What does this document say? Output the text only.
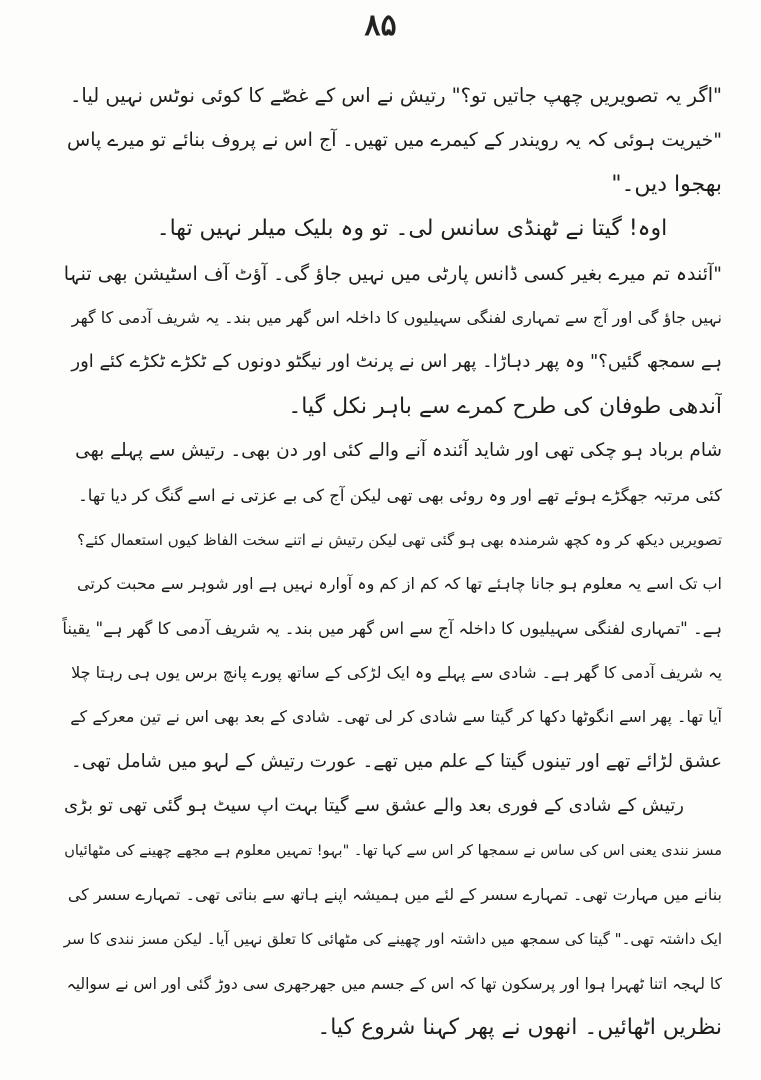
۸۵
"اگر یہ تصویریں چھپ جاتیں تو؟" رتیش نے اس کے غصّے کا کوئی نوٹس نہیں لیا۔
"خیریت ہوئی کہ یہ رویندر کے کیمرے میں تھیں۔ آج اس نے پروف بنائے تو میرے پاس
بھجوا دیں۔"
اوہ! گیتا نے ٹھنڈی سانس لی۔ تو وہ بلیک میلر نہیں تھا۔
"آئندہ تم میرے بغیر کسی ڈانس پارٹی میں نہیں جاؤ گی۔ آؤٹ آف اسٹیشن بھی تنہا
نہیں جاؤ گی اور آج سے تمہاری لفنگی سہیلیوں کا داخلہ اس گھر میں بند۔ یہ شریف آدمی کا گھر
ہے سمجھ گئیں؟" وہ پھر دہاڑا۔ پھر اس نے پرنٹ اور نیگٹو دونوں کے ٹکڑے ٹکڑے کئے اور
آندھی طوفان کی طرح کمرے سے باہر نکل گیا۔
شام برباد ہو چکی تھی اور شاید آئندہ آنے والے کئی اور دن بھی۔ رتیش سے پہلے بھی
کئی مرتبہ جھگڑے ہوئے تھے اور وہ روئی بھی تھی لیکن آج کی بے عزتی نے اسے گنگ کر دیا تھا۔
تصویریں دیکھ کر وہ کچھ شرمندہ بھی ہو گئی تھی لیکن رتیش نے اتنے سخت الفاظ کیوں استعمال کئے؟
اب تک اسے یہ معلوم ہو جانا چاہئے تھا کہ کم از کم وہ آوارہ نہیں ہے اور شوہر سے محبت کرتی
ہے۔ "تمہاری لفنگی سہیلیوں کا داخلہ آج سے اس گھر میں بند۔ یہ شریف آدمی کا گھر ہے" یقیناً
یہ شریف آدمی کا گھر ہے۔ شادی سے پہلے وہ ایک لڑکی کے ساتھ پورے پانچ برس یوں ہی رہتا چلا
آیا تھا۔ پھر اسے انگوٹھا دکھا کر گیتا سے شادی کر لی تھی۔ شادی کے بعد بھی اس نے تین معرکے کے
عشق لڑائے تھے اور تینوں گیتا کے علم میں تھے۔ عورت رتیش کے لہو میں شامل تھی۔
رتیش کے شادی کے فوری بعد والے عشق سے گیتا بہت اپ سیٹ ہو گئی تھی تو بڑی
مسز نندی یعنی اس کی ساس نے سمجھا کر اس سے کہا تھا۔ "بہو! تمہیں معلوم ہے مجھے چھینے کی مٹھائیاں
بنانے میں مہارت تھی۔ تمہارے سسر کے لئے میں ہمیشہ اپنے ہاتھ سے بناتی تھی۔ تمہارے سسر کی
ایک داشتہ تھی۔" گیتا کی سمجھ میں داشتہ اور چھینے کی مٹھائی کا تعلق نہیں آیا۔ لیکن مسز نندی کا سر
کا لہجہ اتنا ٹھہرا ہوا اور پرسکون تھا کہ اس کے جسم میں جھرجھری سی دوڑ گئی اور اس نے سوالیہ
نظریں اٹھائیں۔ انھوں نے پھر کہنا شروع کیا۔
